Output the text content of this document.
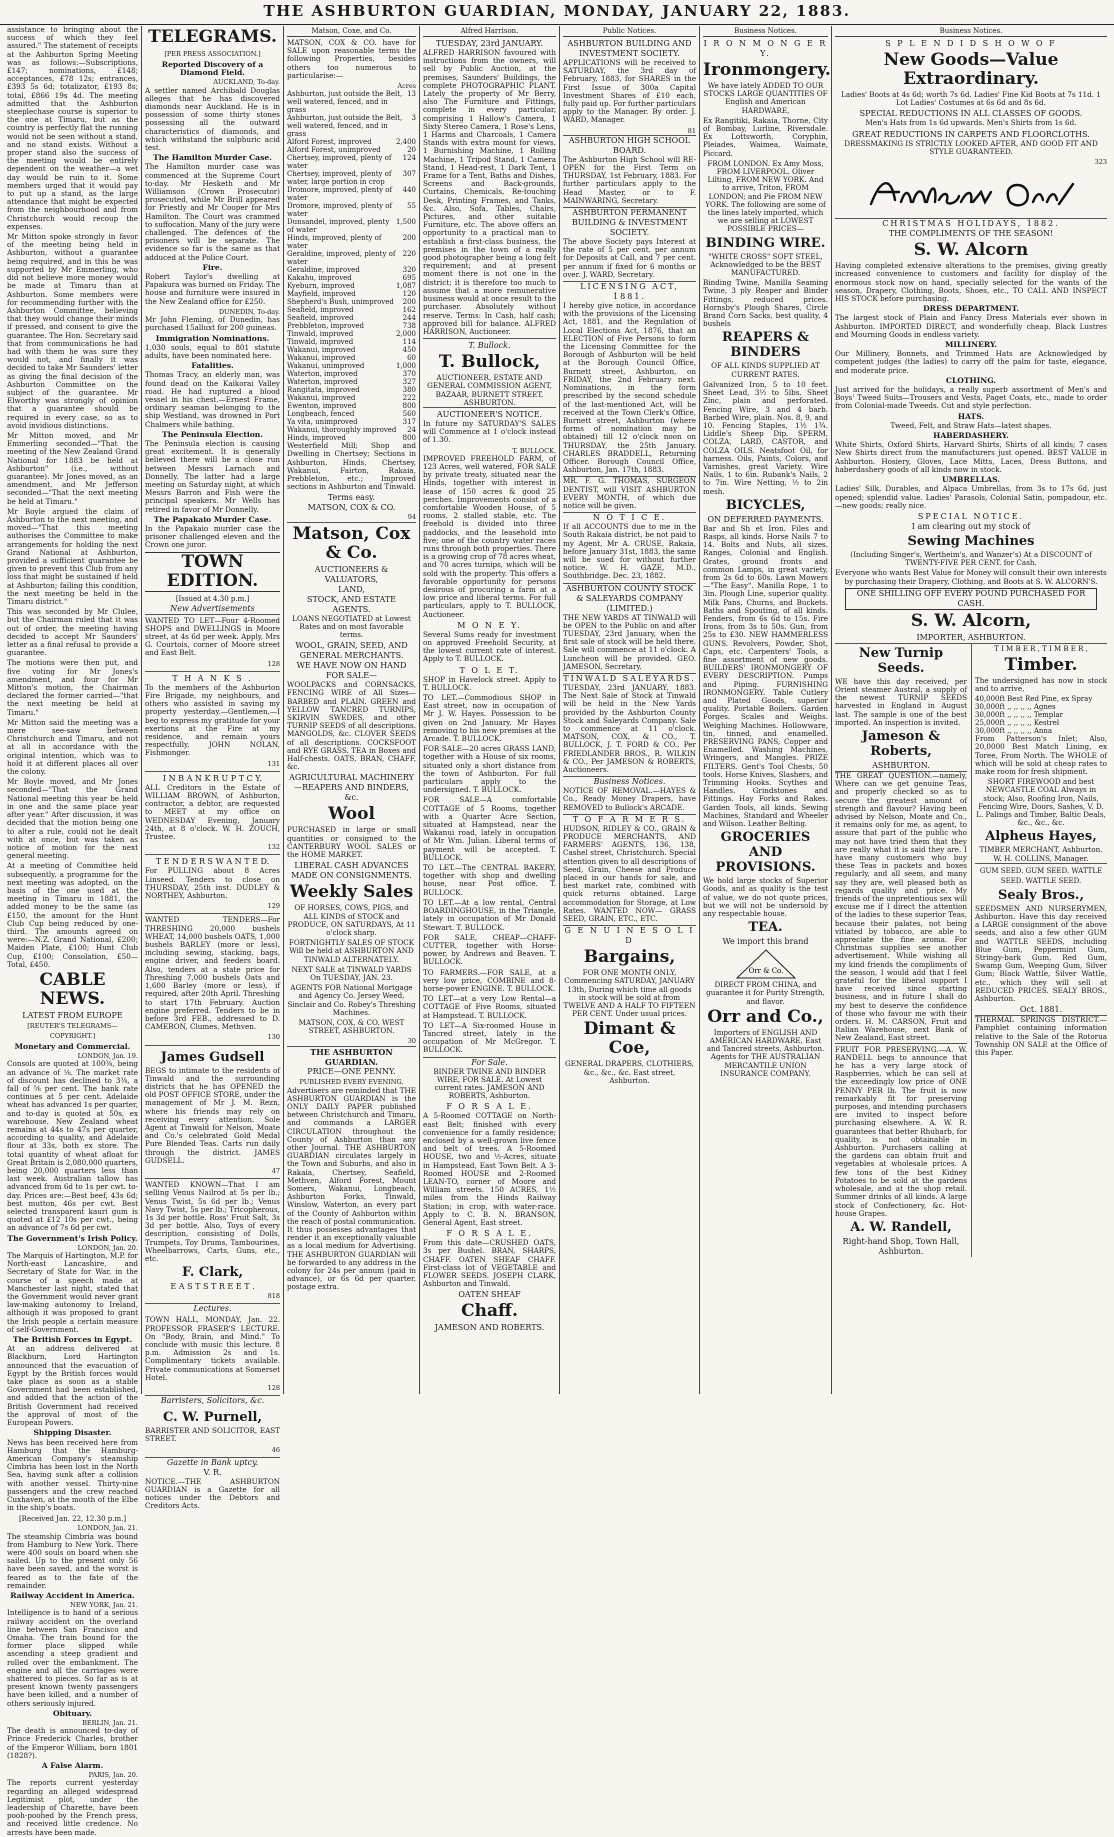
THE ASHBURTON GUARDIAN, MONDAY, JANUARY 22, 1883.

assistance to bringing about the success of which they feel assured." The statement of receipts at the Ashburton Spring Meeting was as follows:—Subscriptions, £147; nominations, £148; acceptances, £78 12s; entrances, £393 5s 6d; totalizator, £193 8s; total, £866 19s 4d. The meeting admitted that the Ashburton steeplechase course is superior to the one at Timaru, but as the country is perfectly flat the running would not be seen without a stand, and no stand exists. Without a proper stand also the success of the meeting would be entirely dependent on the weather—a wet day would be ruin to it. Some members urged that it would pay to put up a stand, as the large attendance that might be expected from the neighbourhood and from Christchurch would recoup the expenses.

Mr Mitton spoke strongly in favor of the meeting being held in Ashburton, without a guarantee being required, and in this he was supported by Mr Emmerling, who did not believe more money would be made at Timaru than at Ashburton. Some members were for recommending further with the Ashburton Committee, believing that they would change their minds if pressed, and consent to give the guarantee. The Hon. Secretary said that from communications he had had with them he was sure they would not, and finally it was decided to take Mr Saunders' letter as giving the final decision of the Ashburton Committee on the subject of the guarantee. Mr Elworthy was strongly of opinion that a guarantee should be required in every case, so as to avoid invidious distinctions.

Mr Mitton moved, and Mr Emmerling seconded—"That the meeting of the New Zealand Grand National for 1883 be held at Ashburton" (i.e., without guarantee). Mr Jones moved, as an amendment, and Mr Jefferson seconded—"That the next meeting be held at Timaru."

Mr Boyle argued the claim of Ashburton to the next meeting, and moved—"That this meeting authorises the Committee to make arrangements for holding the next Grand National at Ashburton, provided a sufficient guarantee be given to prevent this Club from any loss that might be sustained if held at Ashburton; failing this condition, the next meeting be held in the Timaru district."

This was seconded by Mr Clulee, but the Chairman ruled that it was out of order, the meeting having decided to accept Mr Saunders' letter as a final refusal to provide a guarantee.

The motions were then put, and five voting for Mr Jones's amendment, and four for Mr Mitton's motion, the Chairman declared the former carried—"that the next meeting be held at Timaru."

Mr Mitton said the meeting was a mere see-saw between Christchurch and Timaru, and not at all in accordance with the original intention, which was to hold it at different places all over the colony.

Mr Boyle moved, and Mr Jones seconded—"That the Grand National meeting this year be held in one and the same place year after year." After discussion, it was decided that the motion being one to alter a rule, could not be dealt with at once, but was taken as notice of motion for the next general meeting.

At a meeting of Committee held subsequently, a programme for the next meeting was adopted, on the basis of the one used at the meeting in Timaru in 1881, the added money to be the same (as £150, the amount for the Hunt Club Cup being reduced by one-third. The amounts agreed on were:—N.Z. Grand National, £200; Maiden Plate, £100; Hunt Club Cup, £100; Consolation, £50—Total, £450.

CABLE NEWS.
LATEST FROM EUROPE
[REUTER'S TELEGRAMS—COPYRIGHT.]
Monetary and Commercial.
LONDON, Jan. 19.

Consols are quoted at 100⅜, being an advance of ⅛. The market rate of discount has declined to 3⅜, a fall of ⅝ per cent. The bank rate continues at 5 per cent. Adelaide wheat has advanced 1s per quarter, and to-day is quoted at 50s, ex warehouse. New Zealand wheat remains at 44s to 47s per quarter, according to quality, and Adelaide flour at 33s, both ex store. The total quantity of wheat afloat for Great Britain is 2,080,000 quarters, being 20,000 quarters less than last week. Australian tallow has advanced from 6d to 1s per cwt. to-day. Prices are:—Best beef, 43s 6d; best mutton, 46s per cwt. Best selected transparent kauri gum is quoted at £12 10s per cwt., being an advance of 7s 6d per cwt.

The Government's Irish Policy.
LONDON, Jan. 20.

The Marquis of Hartington, M.P. for North-east Lancashire, and Secretary of State for War, in the course of a speech made at Manchester last night, stated that the Government would never grant law-making autonomy to Ireland, although it was proposed to grant the Irish people a certain measure of self-Government.

The British Forces in Egypt.

At an address delivered at Blackburn, Lord Hartington announced that the evacuation of Egypt by the British forces would take place as soon as a stable Government had been established, and added that the action of the British Government had received the approval of most of the European Powers.

Shipping Disaster.

News has been received here from Hamburg that the Hamburg-American Company's steamship Cimbria has been lost in the North Sea, having sunk after a collision with another vessel. Thirty-nine passengers and the crew reached Cuxhaven, at the mouth of the Elbe in the ship's boats.

[Received Jan. 22, 12.30 p.m.]
LONDON, Jan. 21.

The steamship Cimbria was bound from Hamburg to New York. There were 400 souls on board when she sailed. Up to the present only 56 have been saved, and the worst is feared as to the fate of the remainder.

Railway Accident in America.
NEW YORK, Jan. 21.

Intelligence is to hand of a serious railway accident on the overland line between San Francisco and Omaha. The train bound for the former place slipped while ascending a steep gradient and rolled over the embankment. The engine and all the carriages were shattered to pieces. So far as is at present known twenty passengers have been killed, and a number of others seriously injured.

Obituary.
BERLIN, Jan. 21.

The death is announced to-day of Prince Frederick Charles, brother of the Emperor William, born 1801 (1828?).

A False Alarm.
PARIS, Jan. 20.

The reports current yesterday regarding an alleged widespread Legitimist plot, under the leadership of Charette, have been pooh-poohed by the French press, and received little credence. No arrests have been made.

TELEGRAMS.
[PER PRESS ASSOCIATION.]
Reported Discovery of a Diamond Field.
AUCKLAND, To-day.

A settler named Archibald Douglas alleges that he has discovered diamonds near Auckland. He is in possession of some thirty stones possessing all the outward characteristics of diamonds, and which withstand the sulphuric acid test.

The Hamilton Murder Case.

The Hamilton murder case was commenced at the Supreme Court to-day. Mr Hesketh and Mr Williamson (Crown Prosecutor) prosecuted, while Mr Brill appeared for Priestly and Mr Cooper for Mrs Hamilton. The Court was crammed to suffocation. Many of the jury were challenged. The defences of the prisoners will be separate. The evidence so far is the same as that adduced at the Police Court.

Fire.

Robert Taylor's dwelling at Papakura was burned on Friday. The house and furniture were insured in the New Zealand office for £250.

DUNEDIN, To-day.

Mr John Fleming, of Dunedin, has purchased 15alluxt for 200 guineas.

Immigration Nominations.

1,030 souls, equal to 801 statute adults, have been nominated here.

Fatalities.

Thomas Tracy, an elderly man, was found dead on the Kaikorai Valley road. He had ruptured a blood vessel in his chest.—Ernest Frame, ordinary seaman belonging to the ship Westland, was drowned in Port Chalmers while bathing.

The Peninsula Election.

The Peninsula election is causing great excitement. It is generally believed there will be a close run between Messrs Larnach and Donnelly. The latter had a large meeting on Saturday night, at which Messrs Barron and Fish were the principal speakers. Mr Wells has retired in favor of Mr Donnelly.

The Papakaio Murder Case.

In the Papakaio murder case the prisoner challenged eleven and the Crown one juror.

TOWN EDITION.
[Issued at 4.30 p.m.]
New Advertisements

WANTED TO LET—Four 4-Roomed SHOPS and DWELLINGS in Moore street, at 4s 6d per week. Apply, Mrs G. Courtois, corner of Moore street and East Belt.

128
T H A N K S .

To the members of the Ashburton Fire Brigade, my neighbours, and others who assisted in saving my property yesterday.—Gentlemen,—I beg to express my gratitude for your exertions at the Fire at my residence, and remain yours respectfully, JOHN NOLAN, Fishmonger.

131
I N B A N K R U P T C Y.

ALL Creditors in the Estate of WILLIAM BROWN, of Ashburton, contractor, a debtor, are requested to MEET at my office on WEDNESDAY Evening, January 24th, at 8 o'clock. W. H. ZOUCH, Trustee.

132
T E N D E R S W A N T E D.

For PULLING about 8 Acres Linseed. Tenders to close on THURSDAY, 25th inst. DUDLEY & NORTHEY, Ashburton.

129

WANTED TENDERS—For THRESHING 20,000 bushels WHEAT, 14,000 bushels OATS, 1,000 bushels BARLEY (more or less), including sewing, stacking, bags, engine driver, and feeders board. Also, tenders at a state price for Threshing 7,000 bushels Oats and 1,600 Barley (more or less), if required, after 20th April. Threshing to start 17th February. Auction engine preferred. Tenders to be in before 3rd FEB., addressed to D. CAMERON, Clumes, Methven.

130
James Gudsell

BEGS to intimate to the residents of Tinwald and the surrounding districts that he has OPENED the old POST OFFICE STORE, under the management of Mr J. M. Rezn, where his friends may rely on receiving every attention. Sole Agent at Tinwald for Nelson, Moate and Co.'s celebrated Gold Medal Pure Blended Teas. Carts run daily through the district. JAMES GUDSELL.

47

WANTED KNOWN—That I am selling Venus Nailrod at 5s per lb.; Venus Twist, 5s 6d per lb.; Venus Navy Twist, 5s per lb.; Tricopherous, 1s 3d per bottle. Ross' Fruit Salt, 3s 3d per bottle. Also, Toys of every description, consisting of Dolls, Trumpets, Toy Drums, Tambourines, Wheelbarrows, Carts, Guns, etc., etc.

F. Clark,
E A S T S T R E E T .
818
Lectures.

TOWN HALL, MONDAY, Jan. 22. PROFESSOR FRASER'S LECTURE. On "Body, Brain, and Mind." To conclude with music this lecture. 8 p.m. Admission 2s and 1s. Complimentary tickets available. Private communications at Somerset Hotel.

128
Barristers, Solicitors, &c.
C. W. Purnell,

BARRISTER AND SOLICITOR, EAST STREET.

46
Gazette in Bank uptcy.
V. R.

NOTICE.—THE ASHBURTON GUARDIAN is a Gazette for all notices under the Debtors and Creditors Acts.

Matson, Coxe, and Co.

MATSON, COX & CO. have for SALE upon reasonable terms the following Properties, besides others too numerous to particularise:—

Acres
Ashburton, just outside the Belt, well watered, fenced, and in grass
13
Ashburton, just outside the Belt, well watered, fenced, and in grass
3
Alford Forest, improved	2,400
Alford Forest, unimproved	20
Chertsey, improved, plenty of water
124
Chertsey, improved, plenty of water, large portion in crop
307
Dromore, improved, plenty of water
440
Dromore, improved, plenty of water
55
Dunsandel, improved, plenty of water
1,500
Hinds, improved, plenty of water
200
Geraldine, improved, plenty of water
220
Geraldine, improved	320
Kakahu, improved	695
Kyeburn, improved	1,087
Mayfield, improved	120
Shepherd's Bush, unimproved	200
Seafield, improved	162
Seafield, improved	244
Prebbleton, improved	738
Tinwald, improved	2,000
Tinwald, improved	114
Wakanui, improved	450
Wakanui, improved	60
Wakanui, unimproved	1,000
Waterton, improved	370
Waterton, improved	327
Rangitata, improved	380
Wakanui, improved	222
Ewenton, improved	800
Longbeach, fenced	560
Ya vita, unimproved	317
Wakanui, thoroughly improved	24
Hinds, improved	800

Westerfield Mill; Shop and Dwelling in Chertsey; Sections in Ashburton, Hinds, Chertsey, Wakanui, Fairton, Rakaia, Prebbleton, etc.; Improved sections in Ashburton and Tinwald.

Terms easy.
MATSON, COX & CO.
94
Matson, Cox & Co.
AUCTIONEERS & VALUATORS,
LAND,
STOCK, AND ESTATE AGENTS.

LOANS NEGOTIATED at Lowest Rates and on most favorable terms.

WOOL, GRAIN, SEED, AND GENERAL MERCHANTS.
WE HAVE NOW ON HAND FOR SALE—

WOOLPACKS and CORNSACKS, FENCING WIRE of All Sizes—BARBED and PLAIN. GREEN and YELLOW TANCRED TURNIPS, SKIRVIN SWEDES, and other TURNIP SEEDS of all descriptions. MANGOLDS, &c. CLOVER SEEDS of all descriptions. COCKSFOOT and RYE GRASS. TEA in Boxes and Half-chests. OATS, BRAN, CHAFF, &c.

AGRICULTURAL MACHINERY—REAPERS AND BINDERS, &c.
Wool

PURCHASED in large or small quantities or consigned to the CANTERBURY WOOL SALES or the HOME MARKET.

LIBERAL CASH ADVANCES
MADE ON CONSIGNMENTS.
Weekly Sales

OF HORSES, COWS, PIGS, and ALL KINDS of STOCK and PRODUCE, ON SATURDAYS, At 11 o'clock sharp.

FORTNIGHTLY SALES OF STOCK Will be held at ASHBURTON AND TINWALD ALTERNATELY.

NEXT SALE at TINWALD YARDS On TUESDAY, JAN. 23.

AGENTS FOR National Mortgage and Agency Co. Jersey Weed, Sinclair and Co. Robey's Threshing Machines.

MATSON, COX, & CO. WEST STREET, ASHBURTON.

30
THE ASHBURTON GUARDIAN.
PRICE—ONE PENNY.
PUBLISHED EVERY EVENING.

Advertisers are reminded that THE ASHBURTON GUARDIAN is the ONLY DAILY PAPER published between Christchurch and Timaru, and commands a LARGER CIRCULATION throughout the County of Ashburton than any other Journal. THE ASHBURTON GUARDIAN circulates largely in the Town and Suburbs, and also in Rakaia, Chertsey, Seafield, Methven, Alford Forest, Mount Somers, Wakanui, Longbeach, Ashburton Forks, Tinwald, Winslow, Waterton, an every part of the County of Ashburton within the reach of postal communication. It thus possesses advantages that render it an exceptionally valuable as a local medium for Advertising. THE ASHBURTON GUARDIAN will be forwarded to any address in the colony for 24s per annum (paid in advance), or 6s 6d per quarter, postage extra.

Alfred Harrison.
TUESDAY, 23rd JANUARY.

ALFRED HARRISON favoured with instructions from the owners, will sell by Public Auction, at the premises, Saunders' Buildings, the complete PHOTOGRAPHIC PLANT. Lately the property of Mr Berry, also The Furniture and Fittings, complete in every particular, comprising 1 Hallow's Camera, 1 Sixty Stereo Camera, 1 Rose's Lens, 1 Harms and Charcoals, 1 Camera Stands with extra mount for views, 1 Burnishing Machine, 1 Rolling Machine, 1 Tripod Stand, 1 Camera Stand, 1 Head-rest, 1 Dark Tent, 1 Frame for a Tent, Baths and Dishes, Screens and Back-grounds, Curtains, Chemicals, Re-touching Desk, Printing Frames, and Tanks, &c. Also, Sofa, Tables, Chairs, Pictures, and other suitable Furniture, etc. The above offers an opportunity to a practical man to establish a first-class business, the premises in the town of a really good photographer being a long felt requirement; and at present moment there is not one in the district; it is therefore too much to assume that a more remunerative business would at once result to the purchaser. Absolutely without reserve. Terms: In Cash, half cash; approved bill for balance. ALFRED HARRISON, Auctioneer.

T. Bullock.
T. Bullock,

AUCTIONEER, ESTATE AND GENERAL COMMISSION AGENT, BAZAAR, BURNETT STREET, ASHBURTON.

AUCTIONEER'S NOTICE.

In future my SATURDAY'S SALES will Commence at 1 o'clock instead of 1.30.

T. BULLOCK.

IMPROVED FREEHOLD FARM, of 123 Acres, well watered, FOR SALE by private treaty, situated near the Hinds, together with interest in lease of 150 acres & good 25 perches. Improvements consist of a comfortable Wooden House, of 5 rooms, 2 stalled stable, etc. The freehold is divided into three paddocks, and the leasehold into five; one of the country water races runs through both properties. There is a growing crop of 78 acres wheat, and 70 acres turnips, which will be sold with the property. This offers a favorable opportunity for persons desirous of procuring a farm at a low price and liberal terms. For full particulars, apply to T. BULLOCK, Auctioneer.

M O N E Y.

Several Sums ready for investment on approved Freehold Security, at the lowest current rate of interest. Apply to T. BULLOCK.

T O L E T.

SHOP in Havelock street. Apply to T. BULLOCK.

TO LET.—Commodious SHOP in East street, now in occupation of Mr J. W. Hayes. Possession to be given on 2nd January. Mr Hayes removing to his new premises at the Arcade. T. BULLOCK.

FOR SALE—20 acres GRASS LAND, together with a House of six rooms, situated only a short distance from the town of Ashburton. For full particulars apply to the undersigned. T. BULLOCK.

FOR SALE—A comfortable COTTAGE of 5 Rooms, together with a Quarter Acre Section, situated at Hampstead, near the Wakanui road, lately in occupation of Mr Wm. Julian. Liberal terms of payment will be accepted. T. BULLOCK.

TO LET.—The CENTRAL BAKERY, together with shop and dwelling house, near Post office. T. BULLOCK.

TO LET.—At a low rental, Central BOARDINGHOUSE, in the Triangle, lately in occupation of Mr Donald Stewart. T. BULLOCK.

FOR SALE, CHEAP—CHAFF-CUTTER, together with Horse-power, by Andrews and Beaven. T. BULLOCK.

TO FARMERS.—FOR SALE, at a very low price, COMBINE and 8-horse-power ENGINE. T. BULLOCK.

TO LET—at a very Low Rental—a COTTAGE of Five Rooms, situated at Hampstead. T. BULLOCK.

TO LET—A Six-roomed House in Tancred street, lately in the occupation of Mr McGregor. T. BULLOCK.

For Sale.

BINDER TWINE AND BINDER WIRE, FOR SALE. At Lowest current rates. JAMESON AND ROBERTS, Ashburton.

F O R S A L E.

A 5-Roomed COTTAGE on North-east Belt; finished with every convenience for a family residence; enclosed by a well-grown live fence and belt of trees. A 5-Roomed HOUSE, two and ½-Acres, situate in Hampstead, East Town Belt. A 3-Roomed HOUSE and 2-Roomed LEAN-TO, corner of Moore and William streets. 150 ACRES, 1½ miles from the Hinds Railway Station; in crop, with water-race. Apply to C. B. N. BRANSON, General Agent, East street.

F O R S A L E.

From this date—CRUSHED OATS, 3s per Bushel. BRAN, SHARPS, CHAFF. OATEN SHEAF CHAFF. First-class lot of VEGETABLE and FLOWER SEEDS. JOSEPH CLARK, Ashburton and Tinwald.

OATEN SHEAF
Chaff.
JAMESON AND ROBERTS.
Public Notices.
ASHBURTON BUILDING AND INVESTMENT SOCIETY.

APPLICATIONS will be received to SATURDAY, the 3rd day of February, 1883, for SHARES in the First Issue of 300a Capital Investment Shares of £10 each, fully paid up. For further particulars apply to the Manager. By order. J. WARD, Manager.

81
ASHBURTON HIGH SCHOOL BOARD.

The Ashburton High School will RE-OPEN for the First Term on THURSDAY, 1st February, 1883. For further particulars apply to the Head Master, or to F. MAINWARING, Secretary.

ASHBURTON PERMANENT BUILDING & INVESTMENT SOCIETY.

The above Society pays Interest at the rate of 5 per cent. per annum for Deposits at Call, and 7 per cent. per annum if fixed for 6 months or over. J. WARD, Secretary.

LICENSING ACT, 1881.

I hereby give notice, in accordance with the provisions of the Licensing Act, 1881, and the Regulation of Local Elections Act, 1876, that an ELECTION of Five Persons to form the Licensing Committee for the Borough of Ashburton will be held at the Borough Council Office, Burnett street, Ashburton, on FRIDAY, the 2nd February next. Nominations, in the form prescribed by the second schedule of the last-mentioned Act, will be received at the Town Clerk's Office, Burnett street, Ashburton (where forms of nomination may be obtained) till 12 o'clock noon on THURSDAY, the 25th January. CHARLES BRADDELL, Returning Officer. Borough Council Office, Ashburton, Jan. 17th, 1883.

MR. F. G. THOMAS, SURGEON DENTIST, will VISIT ASHBURTON EVERY MONTH, of which due notice will be given.

N O T I C E.

If all ACCOUNTS due to me in the South Rakaia district, be not paid to my Agent, Mr A. CRUSE, Rakaia, before January 31st, 1883, the same will be sued for without further notice. W. H. GAZE, M.D., Southbridge. Dec. 23, 1882.

ASHBURTON COUNTY STOCK & SALEYARDS COMPANY (LIMITED.)

THE NEW YARDS AT TINWALD will be OPEN to the Public on and after TUESDAY, 23rd January, when the first sale of stock will be held there. Sale will commence at 11 o'clock. A Luncheon will be provided. GEO. JAMESON, Secretary.

TINWALD SALEYARDS.

TUESDAY, 23rd JANUARY, 1883. The Next Sale of Stock at Tinwald will be held in the New Yards provided by the Ashburton County Stock and Saleyards Company. Sale to commence at 11 o'clock. MATSON, COX, & CO., T. BULLOCK, J. T. FORD & CO., Per FRIEDLANDER BROS., R. WILKIN & CO., Per JAMESON & ROBERTS, Auctioneers.

Business Notices.

NOTICE OF REMOVAL.—HAYES & Co., Ready Money Drapers, have REMOVED to Bullock's ARCADE.

T O F A R M E R S.

HUDSON, RIDLEY & CO., GRAIN & PRODUCE MERCHANTS, AND FARMERS' AGENTS, 136, 138, Cashel street, Christchurch. Special attention given to all descriptions of Seed, Grain, Cheese and Produce placed in our hands for sale, and best market rate, combined with quick returns obtained. Large accommodation for Storage, at Low Rates. WANTED NOW— GRASS SEED, GRAIN, ETC., ETC.

G E N U I N E S O L I D
Bargains,

FOR ONE MONTH ONLY, Commencing SATURDAY, JANUARY 13th, During which time all goods in stock will be sold at from TWELVE AND A HALF TO FIFTEEN PER CENT. Under usual prices.

Dimant & Coe,

GENERAL DRAPERS, CLOTHIERS, &c., &c., &c. East street, Ashburton.

Business Notices.
I R O N M O N G E R Y.
Ironmongery.

We have lately ADDED TO OUR STOCKS LARGE QUANTITIES OF English and American HARDWARE,

Ex Rangitiki, Rakaia, Thorne, City of Bombay, Lurline, Riversdale. Ex Lottsworth, Coryphin, Pleiades, Waimea, Waimate, Piccard.

FROM LONDON. Ex Amy Moss, FROM LIVERPOOL. Oliver Lilting, FROM NEW YORK. And to arrive, Triton, FROM LONDON; and Pie FROM NEW YORK. The following are some of the lines lately imported, which we are selling at LOWEST POSSIBLE PRICES—

BINDING WIRE.

"WHITE CROSS" SOFT STEEL, Acknowledged to be the BEST MANUFACTURED.

Binding Twine, Manilla Seaming Twine, 3 ply Reaper and Binder Fittings, reduced prices. Hornsby's Plough Shares, Circle Brand Corn Sacks, best quality, 4 bushels

REAPERS & BINDERS

OF ALL KINDS SUPPLIED AT CURRENT RATES.

Galvanized Iron, 5 to 10 feet. Sheet Lead, 3½ to 5lbs. Sheet Zinc, plain and perforated. Fencing Wire, 3 and 4 barb. Barbed Wire, plain. Nos. 8, 9, and 10. Fencing Staples, 1½ 1¾. Liddle's Sheep Dip. SPERM, COLZA, LARD, CASTOR, and COLZA OILS. Neatsfoot Oil, for harness. Oils, Paints, Colors, and Varnishes, great Variety. Wire Nails, 1 to 6in. Rubank's Nails, 2 to 7in. Wire Netting, ½ to 2in mesh.

BICYCLES,
ON DEFERRED PAYMENTS.

Bar and Sh et Iron. Files and Rasps, all kinds. Horse Nails 7 to 14. Bolts and Nuts, all sizes. Ranges, Colonial and English. Grates, ground fronts and common Lamps, in great variety, from 2s 6d to 60s. Lawn Mowers—"The Easy". Manilla Rope, 1 to 3in. Plough Line, superior quality. Milk Pans, Churns, and Buckets. Baths and Spouting, of all kinds. Fenders, from 6s 6d to 15s. Fire Irons, from 3s to 50s. Gun, from 25s to £30. NEW HAMMERLESS GUNS. Revolvers, Powder, Shot, Caps, etc. Carpenters' Tools, a fine assortment of new goods. BUILDERS' IRONMONGERY OF EVERY DESCRIPTION. Pumps and Piping. FURNISHING IRONMONGERY. Table Cutlery and Plated Goods, superior quality. Portable Boilers. Garden Forges. Scales and Weighs. Weighing Machines. Hollowware, tin, tinned, and enamelled. PRESERVING PANS, Copper and Enamelled. Washing Machines, Wringers, and Mangles. PRIZE FILTERS. Gent's Tool Chests, 50 tools. Horse Knives, Slashers, and Trimming Hooks. Scythes and Handles. Grindstones and Fittings. Hay Forks and Rakes. Garden Tools, all kinds. Sewing Machines, Standard and Wheeler and Wilson. Leather Belting.

GROCERIES AND PROVISIONS.

We hold large stocks of Superior Goods, and as quality is the test of value, we do not quote prices, but we will not be undersold by any respectable house.

TEA.
We import this brand
Orr & Co.

DIRECT FROM CHINA, and guarantee it for Purity Strength, and flavor.

Orr and Co.,

Importers of ENGLISH AND AMERICAN HARDWARE, East and Tancred streets, Ashburton. Agents for THE AUSTRALIAN MERCANTILE UNION INSURANCE COMPANY.

Business Notices.
S P L E N D I D S H O W O F
New Goods—Value Extraordinary.

Ladies' Boots at 4s 6d; worth 7s 6d. Ladies' Fine Kid Boots at 7s 11d. 1 Lot Ladies' Costumes at 6s 6d and 8s 6d.

SPECIAL REDUCTIONS IN ALL CLASSES OF GOODS.

Men's Hats from 1s 6d upwards. Men's Shirts from 1s 6d.

GREAT REDUCTIONS IN CARPETS AND FLOORCLOTHS.

DRESSMAKING IS STRICTLY LOOKED AFTER, AND GOOD FIT AND STYLE GUARANTEED.

323
CHRISTMAS HOLIDAYS, 1882.
THE COMPLIMENTS OF THE SEASON!
S. W. Alcorn

Having completed extensive alterations to the premises, giving greatly increased convenience to customers and facility for display of the enormous stock now on hand, specially selected for the wants of the season, Drapery, Clothing, Boots, Shoes, etc., TO CALL AND INSPECT HIS STOCK before purchasing.

DRESS DEPARTMENT.

The largest stock of Plain and Fancy Dress Materials ever shown in Ashburton. IMPORTED DIRECT, and wonderfully cheap. Black Lustres and Mourning Goods in endless variety.

MILLINERY.

Our Millinery, Bonnets, and Trimmed Hats are Acknowledged by competent judges (the ladies) to carry off the palm for taste, elegance, and moderate price.

CLOTHING.

Just arrived for the holidays, a really superb assortment of Men's and Boys' Tweed Suits—Trousers and Vests, Paget Coats, etc., made to order from Colonial-made Tweeds. Cut and style perfection.

HATS.

Tweed, Felt, and Straw Hats—latest shapes.

HABERDASHERY.

White Shirts, Oxford Shirts, Harvard Shirts, Shirts of all kinds; 7 cases New Shirts direct from the manufacturers just opened. BEST VALUE in Ashburton. Hosiery, Gloves, Lace Mitts, Laces, Dress Buttons, and haberdashery goods of all kinds now in stock.

UMBRELLAS.

Ladies' Silk, Durables, and Alpaca Umbrellas, from 3s to 17s 6d, just opened; splendid value. Ladies' Parasols, Colonial Satin, pompadour, etc.—new goods; really nice.

SPECIAL NOTICE.
I am clearing out my stock of
Sewing Machines

(Including Singer's, Wertheim's, and Wanzer's) At a DISCOUNT of TWENTY-FIVE PER CENT. for Cash.

Everyone who wants Best Value for Money will consult their own interests by purchasing their Drapery, Clothing, and Boots at S. W. ALCORN'S.

ONE SHILLING OFF EVERY POUND PURCHASED FOR CASH.
S. W. Alcorn,
IMPORTER, ASHBURTON.
New Turnip Seeds.

WE have this day received, per Orient steamer Austral, a supply of the newest TURNIP SEEDS harvested in England in August last. The sample is one of the best imported. An inspection is invited.

Jameson & Roberts,
ASHBURTON.

THE GREAT QUESTION.—namely, Where can we get genuine Teas, and properly checked so as to secure the greatest amount of strength and flavour? Having been advised by Nelson, Moate and Co., it remains only for me, as agent, to assure that part of the public who may not have tried them that they are really what it is said they are. I have many customers who buy these Teas in packets and boxes regularly, and all seem, and many say they are, well pleased both as regards quality and price. My friends of the unpretentious sex will excuse me if I direct the attention of the ladies to these superior Teas, because their palates, not being vitiated by tobacco, are able to appreciate the fine aroma. For Christmas supplies see another advertisement. While wishing all my kind friends the compliments of the season, I would add that I feel grateful for the liberal support I have received since starting business, and in future I shall do my best to deserve the confidence of those who favour me with their orders. H. M. CARSON, Fruit and Italian Warehouse, next Bank of New Zealand, East street.

FRUIT FOR PRESERVING.—A. W. RANDELL begs to announce that he has a very large stock of Raspberries, which he can sell at the exceedingly low price of ONE PENNY PER lb. The fruit is now remarkably fit for preserving purposes, and intending purchasers are invited to inspect before purchasing elsewhere. A. W. R. guarantees that better Rhubarb, for quality, is not obtainable in Ashburton. Purchasers calling at the gardens can obtain fruit and vegetables at wholesale prices. A few tons of the best Kidney Potatoes to be sold at the gardens wholesale, and at the shop retail. Summer drinks of all kinds. A large stock of Confectionery, &c. Hot-house Grapes.

A. W. Randell,
Right-hand Shop, Town Hall, Ashburton.
T I M B E R , T I M B E R ,
Timber.

The undersigned has now in stock and to arrive,

40,000ft Best Red Pine, ex Spray
30,000ft ,, ,, ,, ,, Agnes
30,000ft ,, ,, ,, ,, Templar
25,000ft ,, ,, ,, ,, Kestrel
30,000ft ,, ,, ,, ,, Anna

From Patterson's Inlet; Also, 20,0000 Best Match Lining, ex Toree, From North. The WHOLE of which will be sold at cheap rates to make room for fresh shipment.

SHORT FIREWOOD and best NEWCASTLE COAL Always in stock; Also, Roofing Iron, Nails, Fencing Wire, Doors, Sashes, V. D. L. Palings and Timber, Baltic Deals, &c., &c., &c.

Alpheus Hayes,

TIMBER MERCHANT, Ashburton. W. H. COLLINS, Manager.

GUM SEED. GUM SEED. WATTLE SEED. WATTLE SEED.
Sealy Bros.,

SEEDSMEN AND NURSERYMEN, Ashburton. Have this day received a LARGE consignment of the above seeds, and also a few other GUM and WATTLE SEEDS, including Blue Gum, Peppermint Gum, Stringy-bark Gum, Red Gum, Swamp Gum, Weeping Gum, Silver Gum; Black Wattle, Silver Wattle, etc., which they will sell at REDUCED PRICES. SEALY BROS., Ashburton.

Oct. 1881.

THERMAL SPRINGS DISTRICT.—Pamphlet containing information relative to the Sale of the Rotorua Township ON SALE at the Office of this Paper.
